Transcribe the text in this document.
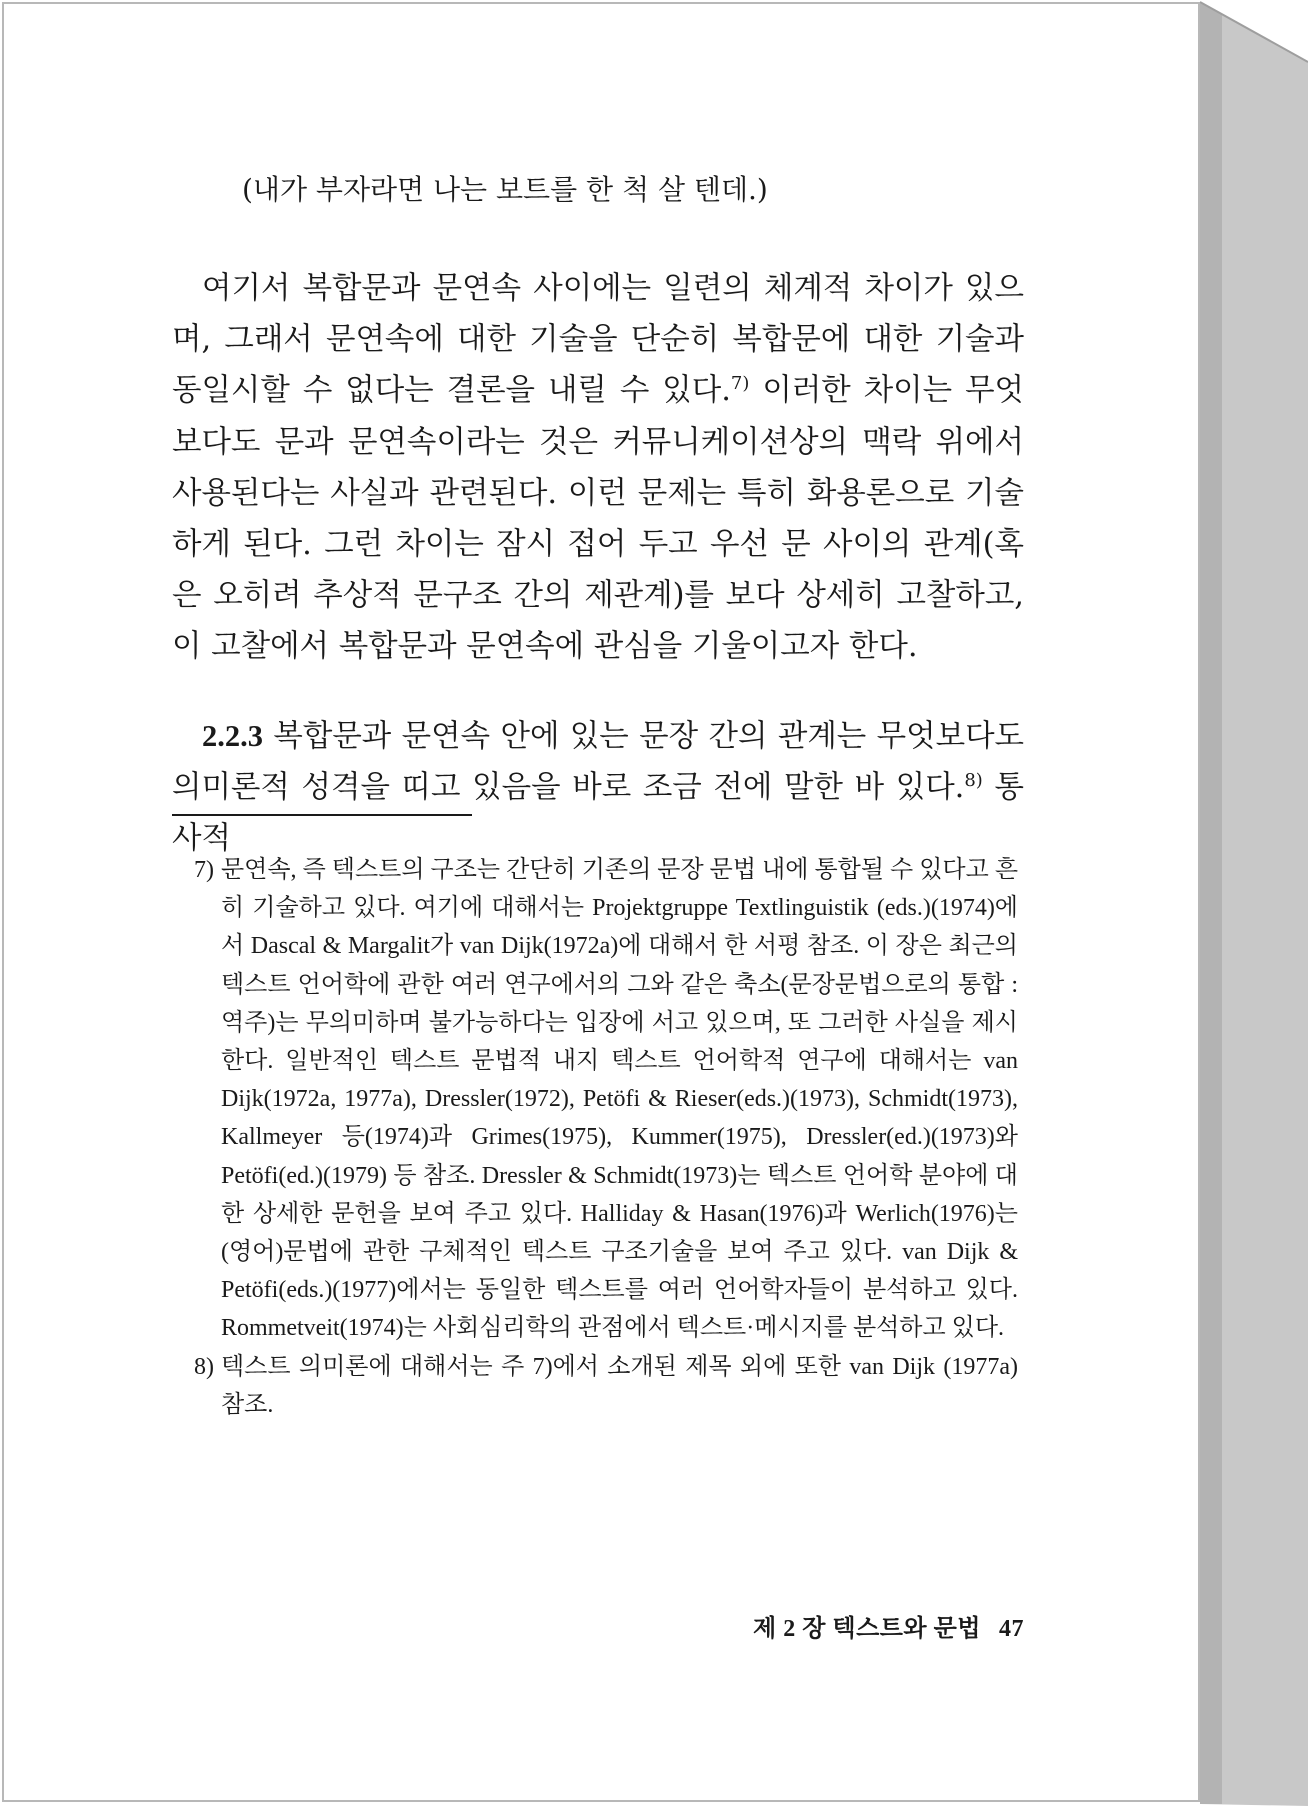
(내가 부자라면 나는 보트를 한 척 살 텐데.)

여기서 복합문과 문연속 사이에는 일련의 체계적 차이가 있으며, 그래서 문연속에 대한 기술을 단순히 복합문에 대한 기술과 동일시할 수 없다는 결론을 내릴 수 있다.$^{7)}$ 이러한 차이는 무엇보다도 문과 문연속이라는 것은 커뮤니케이션상의 맥락 위에서 사용된다는 사실과 관련된다. 이런 문제는 특히 화용론으로 기술하게 된다. 그런 차이는 잠시 접어 두고 우선 문 사이의 관계(혹은 오히려 추상적 문구조 간의 제관계)를 보다 상세히 고찰하고, 이 고찰에서 복합문과 문연속에 관심을 기울이고자 한다.

2.2.3 복합문과 문연속 안에 있는 문장 간의 관계는 무엇보다도 의미론적 성격을 띠고 있음을 바로 조금 전에 말한 바 있다.$^{8)}$ 통사적

7) 문연속, 즉 텍스트의 구조는 간단히 기존의 문장 문법 내에 통합될 수 있다고 흔히 기술하고 있다. 여기에 대해서는 Projektgruppe Textlinguistik (eds.)(1974)에서 Dascal & Margalit가 van Dijk(1972a)에 대해서 한 서평 참조. 이 장은 최근의 텍스트 언어학에 관한 여러 연구에서의 그와 같은 축소(문장문법으로의 통합 : 역주)는 무의미하며 불가능하다는 입장에 서고 있으며, 또 그러한 사실을 제시한다. 일반적인 텍스트 문법적 내지 텍스트 언어학적 연구에 대해서는 van Dijk(1972a, 1977a), Dressler(1972), Petöfi & Rieser(eds.)(1973), Schmidt(1973), Kallmeyer 등(1974)과 Grimes(1975), Kummer(1975), Dressler(ed.)(1973)와 Petöfi(ed.)(1979) 등 참조. Dressler & Schmidt(1973)는 텍스트 언어학 분야에 대한 상세한 문헌을 보여 주고 있다. Halliday & Hasan(1976)과 Werlich(1976)는 (영어)문법에 관한 구체적인 텍스트 구조기술을 보여 주고 있다. van Dijk & Petöfi(eds.)(1977)에서는 동일한 텍스트를 여러 언어학자들이 분석하고 있다. Rommetveit(1974)는 사회심리학의 관점에서 텍스트·메시지를 분석하고 있다.

8) 텍스트 의미론에 대해서는 주 7)에서 소개된 제목 외에 또한 van Dijk (1977a) 참조.

제 2 장 텍스트와 문법 47
